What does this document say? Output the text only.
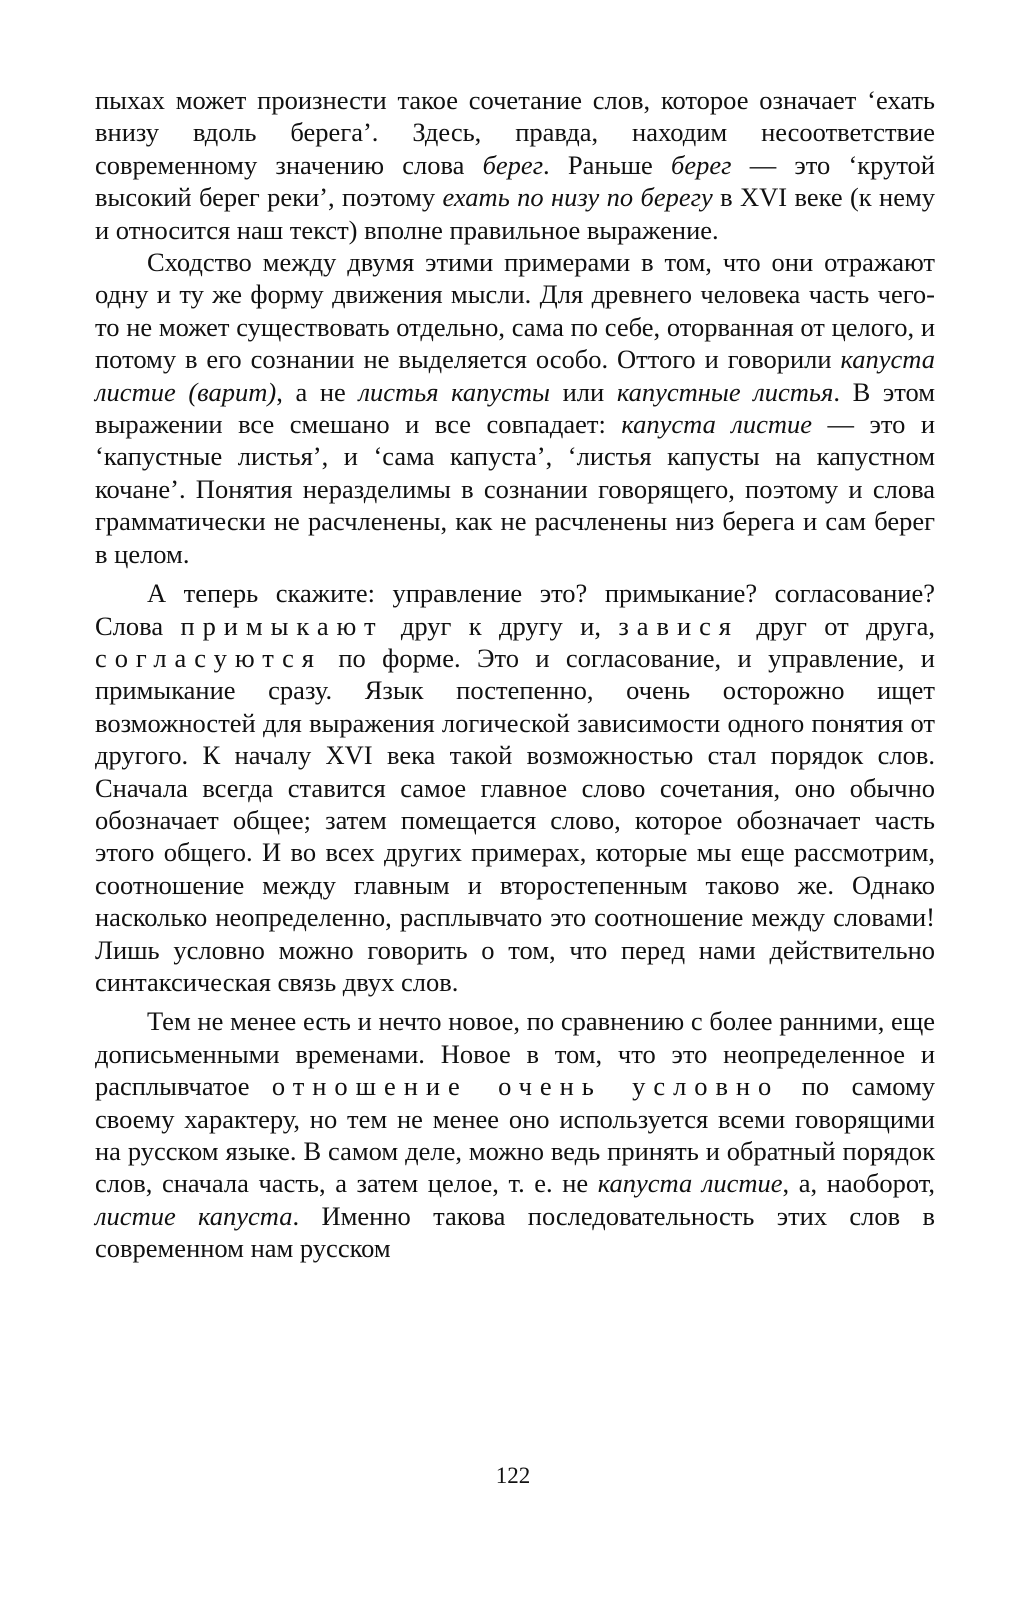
пыхах может произнести такое сочетание слов, которое означает ‘ехать внизу вдоль берега’. Здесь, правда, находим несоответствие современному значению слова берег. Раньше берег — это ‘крутой высокий берег реки’, поэтому ехать по низу по берегу в XVI веке (к нему и относится наш текст) вполне правильное выражение.

Сходство между двумя этими примерами в том, что они отражают одну и ту же форму движения мысли. Для древнего человека часть чего-то не может существовать отдельно, сама по себе, оторванная от целого, и потому в его сознании не выделяется особо. Оттого и говорили капуста листие (варит), а не листья капусты или капустные листья. В этом выражении все смешано и все совпадает: капуста листие — это и ‘капустные листья’, и ‘сама капуста’, ‘листья капусты на капустном кочане’. Понятия неразделимы в сознании говорящего, поэтому и слова грамматически не расчленены, как не расчленены низ берега и сам берег в целом.

А теперь скажите: управление это? примыкание? согласование? Слова примыкают друг к другу и, завися друг от друга, согласуются по форме. Это и согласование, и управление, и примыкание сразу. Язык постепенно, очень осторожно ищет возможностей для выражения логической зависимости одного понятия от другого. К началу XVI века такой возможностью стал порядок слов. Сначала всегда ставится самое главное слово сочетания, оно обычно обозначает общее; затем помещается слово, которое обозначает часть этого общего. И во всех других примерах, которые мы еще рассмотрим, соотношение между главным и второстепенным таково же. Однако насколько неопределенно, расплывчато это соотношение между словами! Лишь условно можно говорить о том, что перед нами действительно синтаксическая связь двух слов.

Тем не менее есть и нечто новое, по сравнению с более ранними, еще дописьменными временами. Новое в том, что это неопределенное и расплывчатое отношение очень условно по самому своему характеру, но тем не менее оно используется всеми говорящими на русском языке. В самом деле, можно ведь принять и обратный порядок слов, сначала часть, а затем целое, т. е. не капуста листие, а, наоборот, листие капуста. Именно такова последовательность этих слов в современном нам русском

122
